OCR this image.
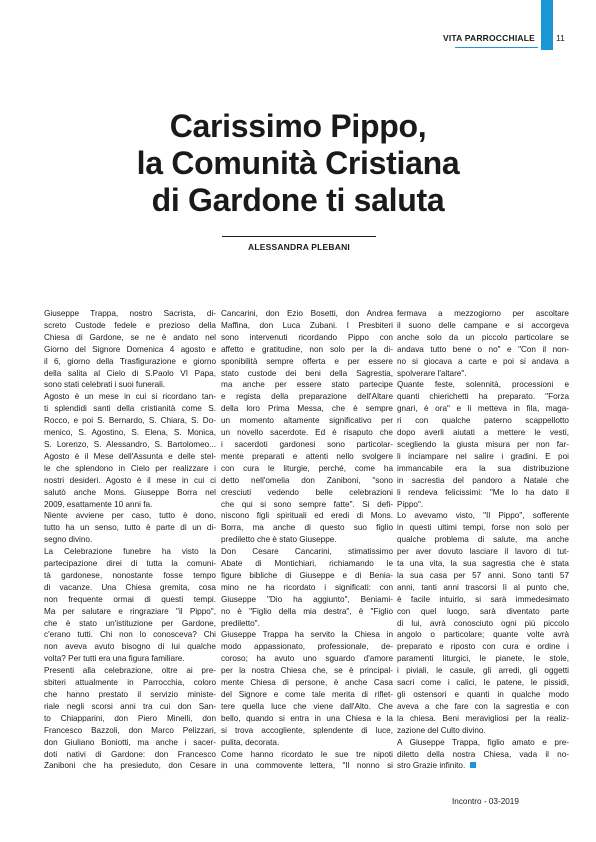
VITA PARROCCHIALE 11
Carissimo Pippo,
la Comunità Cristiana
di Gardone ti saluta
ALESSANDRA PLEBANI

Giuseppe Trappa, nostro Sacrista, di-

screto Custode fedele e prezioso della

Chiesa di Gardone, se ne è andato nel

Giorno del Signore Domenica 4 agosto e

il 6, giorno della Trasfigurazione e giorno

della salita al Cielo di S.Paolo VI Papa,

sono stati celebrati i suoi funerali.

Agosto è un mese in cui si ricordano tan-

ti splendidi santi della cristianità come S.

Rocco, e poi S. Bernardo, S. Chiara, S. Do-

menico, S. Agostino, S. Elena, S. Monica,

S. Lorenzo, S. Alessandro, S. Bartolomeo...

Agosto è il Mese dell'Assunta e delle stel-

le che splendono in Cielo per realizzare i

nostri desideri. Agosto è il mese in cui ci

salutò anche Mons. Giuseppe Borra nel

2009, esattamente 10 anni fa.

Niente avviene per caso, tutto è dono,

tutto ha un senso, tutto è parte di un di-

segno divino.

La Celebrazione funebre ha visto la

partecipazione direi di tutta la comuni-

tà gardonese, nonostante fosse tempo

di vacanze. Una Chiesa gremita, cosa

non frequente ormai di questi tempi.

Ma per salutare e ringraziare "il Pippo",

che è stato un'istituzione per Gardone,

c'erano tutti. Chi non lo conosceva? Chi

non aveva avuto bisogno di lui qualche

volta? Per tutti era una figura familiare.

Presenti alla celebrazione, oltre ai pre-

sbiteri attualmente in Parrocchia, coloro

che hanno prestato il servizio ministe-

riale negli scorsi anni tra cui don San-

to Chiapparini, don Piero Minelli, don

Francesco Bazzoli, don Marco Pelizzari,

don Giuliano Boniotti, ma anche i sacer-

doti nativi di Gardone: don Francesco

Zaniboni che ha presieduto, don Cesare

Cancarini, don Ezio Bosetti, don Andrea

Maffina, don Luca Zubani. I Presbiteri

sono intervenuti ricordando Pippo con

affetto e gratitudine, non solo per la di-

sponibilità sempre offerta e per essere

stato custode dei beni della Sagrestia,

ma anche per essere stato partecipe

e regista della preparazione dell'Altare

della loro Prima Messa, che è sempre

un momento altamente significativo per

un novello sacerdote. Ed è risaputo che

i sacerdoti gardonesi sono particolar-

mente preparati e attenti nello svolgere

con cura le liturgie, perché, come ha

detto nell'omelia don Zaniboni, "sono

cresciuti vedendo belle celebrazioni

che qui si sono sempre fatte". Si defi-

niscono figli spirituali ed eredi di Mons.

Borra, ma anche di questo suo figlio

prediletto che è stato Giuseppe.

Don Cesare Cancarini, stimatissimo

Abate di Montichiari, richiamando le

figure bibliche di Giuseppe e di Benia-

mino ne ha ricordato i significati: con

Giuseppe "Dio ha aggiunto", Beniami-

no è "Figlio della mia destra", è "Figlio

prediletto".

Giuseppe Trappa ha servito la Chiesa in

modo appassionato, professionale, de-

coroso; ha avuto uno sguardo d'amore

per la nostra Chiesa che, se è principal-

mente Chiesa di persone, è anche Casa

del Signore e come tale merita di riflet-

tere quella luce che viene dall'Alto. Che

bello, quando si entra in una Chiesa e la

si trova accogliente, splendente di luce,

pulita, decorata.

Come hanno ricordato le sue tre nipoti

in una commovente lettera, "Il nonno si

fermava a mezzogiorno per ascoltare

il suono delle campane e si accorgeva

anche solo da un piccolo particolare se

andava tutto bene o no" e "Con il non-

no si giocava a carte e poi si andava a

spolverare l'altare".

Quante feste, solennità, processioni e

quanti chierichetti ha preparato. "Forza

gnari, è ora" e li metteva in fila, maga-

ri con qualche paterno scappellotto

dopo averli aiutati a mettere le vesti,

scegliendo la giusta misura per non far-

li inciampare nel salire i gradini. E poi

immancabile era la sua distribuzione

in sacrestia del pandoro a Natale che

li rendeva felicissimi: "Me lo ha dato il

Pippo".

Lo avevamo visto, "Il Pippo", sofferente

in questi ultimi tempi, forse non solo per

qualche problema di salute, ma anche

per aver dovuto lasciare il lavoro di tut-

ta una vita, la sua sagrestia che è stata

la sua casa per 57 anni. Sono tanti 57

anni, tanti anni trascorsi lì al punto che,

è facile intuirlo, si sarà immedesimato

con quel luogo, sarà diventato parte

di lui, avrà conosciuto ogni più piccolo

angolo o particolare; quante volte avrà

preparato e riposto con cura e ordine i

paramenti liturgici, le pianete, le stole,

i piviali, le casule, gli arredi, gli oggetti

sacri come i calici, le patene, le pissidi,

gli ostensori e quanti in qualche modo

aveva a che fare con la sagrestia e con

la chiesa. Beni meravigliosi per la realiz-

zazione del Culto divino.

A Giuseppe Trappa, figlio amato e pre-

diletto della nostra Chiesa, vada il no-

stro Grazie infinito.

Incontro - 03-2019
